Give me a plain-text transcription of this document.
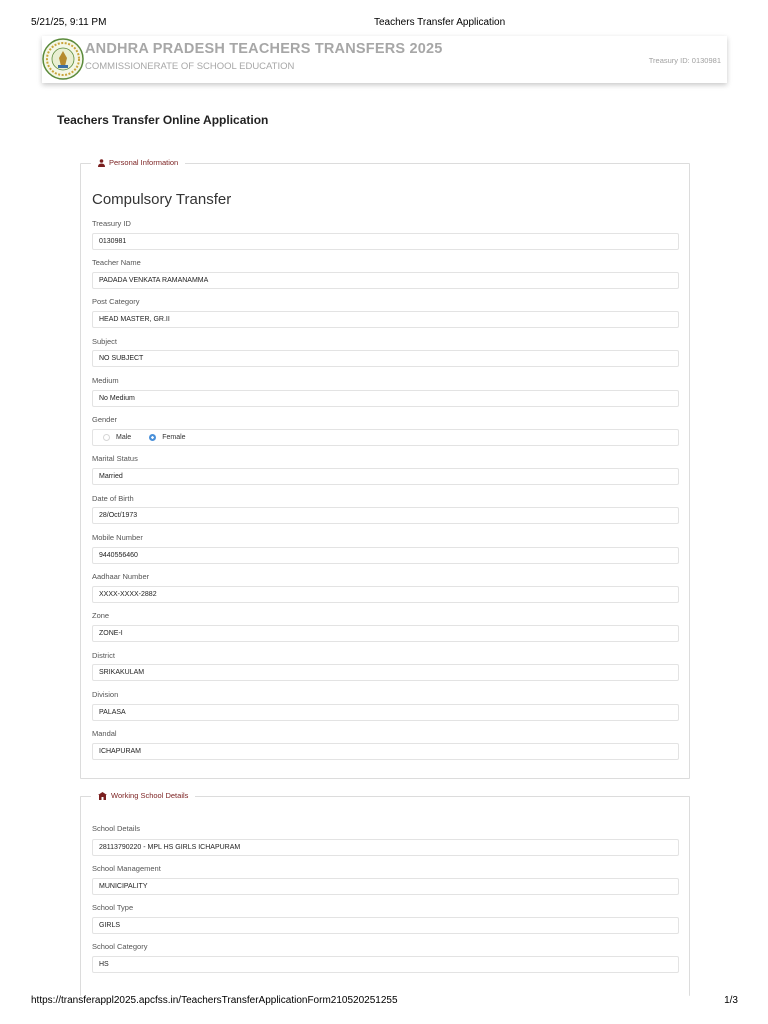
5/21/25, 9:11 PM	Teachers Transfer Application
ANDHRA PRADESH TEACHERS TRANSFERS 2025
COMMISSIONERATE OF SCHOOL EDUCATION
Treasury ID: 0130981
Teachers Transfer Online Application
Personal Information
Compulsory Transfer
Treasury ID
0130981
Teacher Name
PADADA VENKATA RAMANAMMA
Post Category
HEAD MASTER, GR.II
Subject
NO SUBJECT
Medium
No Medium
Gender
Male	Female
Marital Status
Married
Date of Birth
28/Oct/1973
Mobile Number
9440556460
Aadhaar Number
XXXX-XXXX-2882
Zone
ZONE-I
District
SRIKAKULAM
Division
PALASA
Mandal
ICHAPURAM
Working School Details
School Details
28113790220 - MPL HS GIRLS ICHAPURAM
School Management
MUNICIPALITY
School Type
GIRLS
School Category
HS
https://transferappl2025.apcfss.in/TeachersTransferApplicationForm210520251255	1/3
